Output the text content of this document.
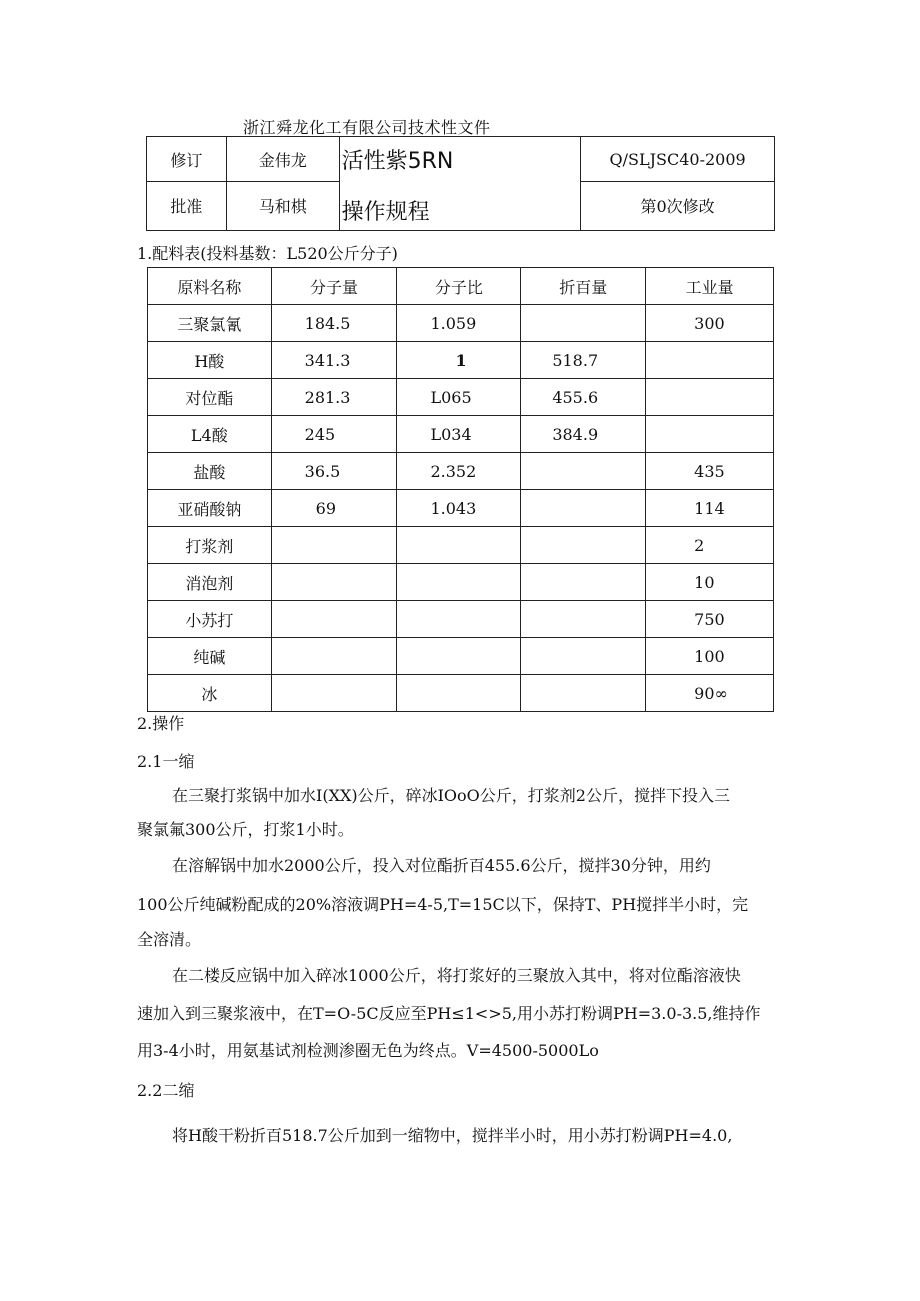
浙江舜龙化工有限公司技术性文件
修订	金伟龙	活性紫5RN	Q/SLJSC40-2009
批准	马和棋	操作规程	第0次修改
1.配料表(投料基数：L520公斤分子)
原料名称	分子量	分子比	折百量	工业量
三聚氯氰	184.5	1.059		300
H酸	341.3	1	518.7	
对位酯	281.3	L065	455.6	
L4酸	245	L034	384.9	
盐酸	36.5	2.352		435
亚硝酸钠	69	1.043		114
打浆剂				2
消泡剂				10
小苏打				750
纯碱				100
冰				90∞
2.操作
2.1一缩
在三聚打浆锅中加水I(XX)公斤，碎冰IOoO公斤，打浆剂2公斤，搅拌下投入三
聚氯氟300公斤，打浆1小时。
在溶解锅中加水2000公斤，投入对位酯折百455.6公斤，搅拌30分钟，用约
100公斤纯碱粉配成的20%溶液调PH=4-5,T=15C以下，保持T、PH搅拌半小时，完
全溶清。
在二楼反应锅中加入碎冰1000公斤，将打浆好的三聚放入其中，将对位酯溶液快
速加入到三聚浆液中，在T=O-5C反应至PH≤1<>5,用小苏打粉调PH=3.0-3.5,维持作
用3-4小时，用氨基试剂检测渗圈无色为终点。V=4500-5000Lo
2.2二缩
将H酸干粉折百518.7公斤加到一缩物中，搅拌半小时，用小苏打粉调PH=4.0,
